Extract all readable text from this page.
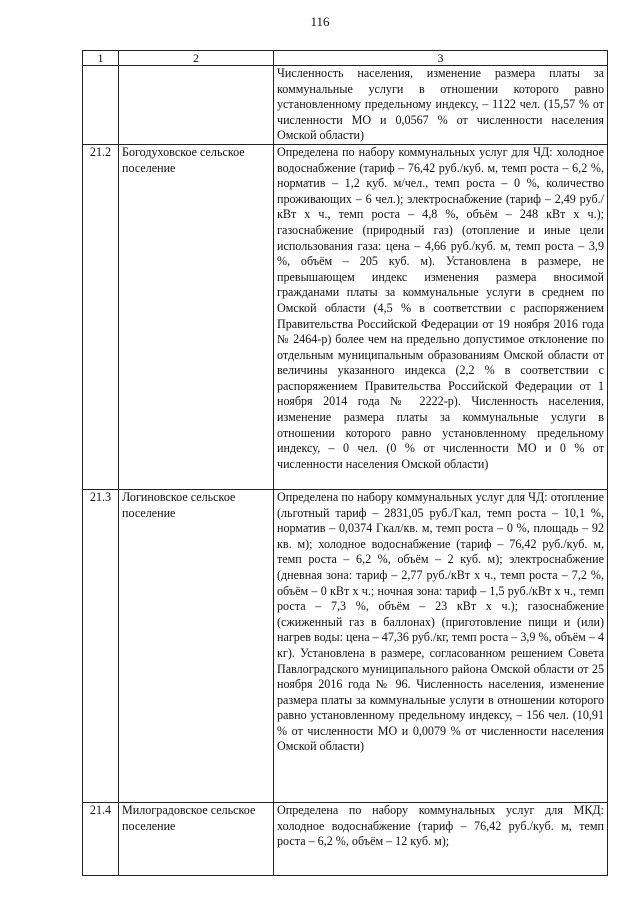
116
1	2	3
		Численность населения, изменение размера платы за коммунальные услуги в отношении которого равно установленному предельному индексу, – 1122 чел. (15,57 % от численности МО и 0,0567 % от численности населения Омской области)
21.2	Богодуховское сельское поселение	Определена по набору коммунальных услуг для ЧД: холодное водоснабжение (тариф – 76,42 руб./куб. м, темп роста – 6,2 %, норматив – 1,2 куб. м/чел., темп роста – 0 %, количество проживающих – 6 чел.); электроснабжение (тариф – 2,49 руб./кВт х ч., темп роста – 4,8 %, объём – 248 кВт х ч.); газоснабжение (природный газ) (отопление и иные цели использования газа: цена – 4,66 руб./куб. м, темп роста – 3,9 %, объём – 205 куб. м). Установлена в размере, не превышающем индекс изменения размера вносимой гражданами платы за коммунальные услуги в среднем по Омской области (4,5 % в соответствии с распоряжением Правительства Российской Федерации от 19 ноября 2016 года № 2464-р) более чем на предельно допустимое отклонение по отдельным муниципальным образованиям Омской области от величины указанного индекса (2,2 % в соответствии с распоряжением Правительства Российской Федерации от 1 ноября 2014 года № 2222-р). Численность населения, изменение размера платы за коммунальные услуги в отношении которого равно установленному предельному индексу, – 0 чел. (0 % от численности МО и 0 % от численности населения Омской области)
21.3	Логиновское сельское поселение	Определена по набору коммунальных услуг для ЧД: отопление (льготный тариф – 2831,05 руб./Гкал, темп роста – 10,1 %, норматив – 0,0374 Гкал/кв. м, темп роста – 0 %, площадь – 92 кв. м); холодное водоснабжение (тариф – 76,42 руб./куб. м, темп роста – 6,2 %, объём – 2 куб. м); электроснабжение (дневная зона: тариф – 2,77 руб./кВт х ч., темп роста – 7,2 %, объём – 0 кВт х ч.; ночная зона: тариф – 1,5 руб./кВт х ч., темп роста – 7,3 %, объём – 23 кВт х ч.); газоснабжение (сжиженный газ в баллонах) (приготовление пищи и (или) нагрев воды: цена – 47,36 руб./кг, темп роста – 3,9 %, объём – 4 кг). Установлена в размере, согласованном решением Совета Павлоградского муниципального района Омской области от 25 ноября 2016 года № 96. Численность населения, изменение размера платы за коммунальные услуги в отношении которого равно установленному предельному индексу, – 156 чел. (10,91 % от численности МО и 0,0079 % от численности населения Омской области)
21.4	Милоградовское сельское поселение	Определена по набору коммунальных услуг для МКД: холодное водоснабжение (тариф – 76,42 руб./куб. м, темп роста – 6,2 %, объём – 12 куб. м);
